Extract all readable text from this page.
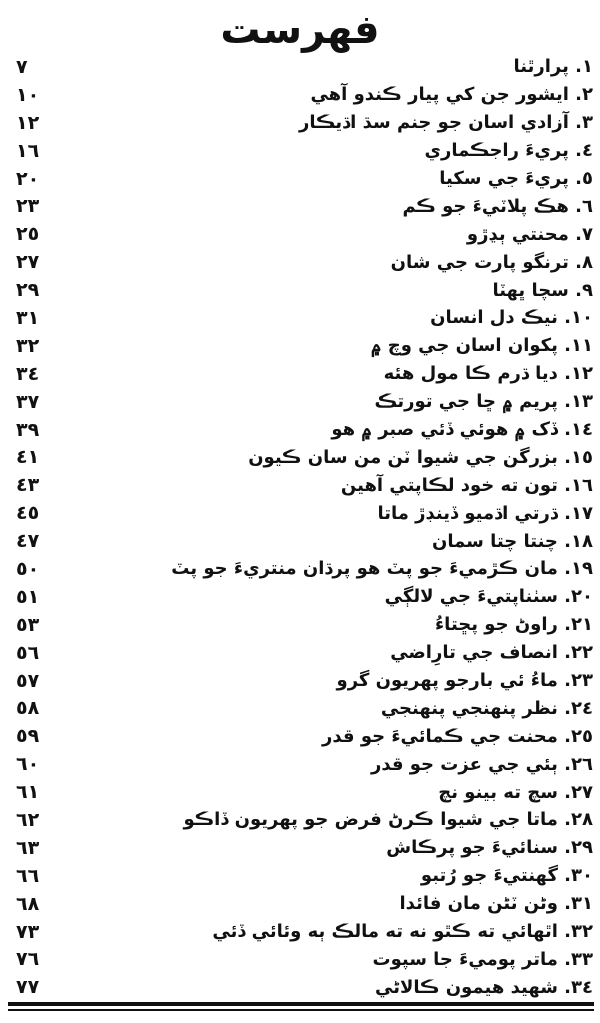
فهرست
٧	١. پرارٿنا
١٠	٢. ايشور جن کي پيار ڪندو آهي
١٢	٣. آزادي اسان جو جنم سڌ اڌيڪار
١٦	٤. پريءَ راجڪماري
٢٠	٥. پريءَ جي سکيا
٢٣	٦. هڪ پلاٽيءَ جو ڪم
٢٥	٧. محنتي ٻڍڙو
٢٧	٨. ترنگو پارت جي شان
٢٩	٩. سچا ڀهٽا
٣١	١٠. نيڪ دل انسان
٣٢	١١. پکوان اسان جي وچ ۾
٣٤	١٢. ديا ڌرم ڪا مول هئه
٣٧	١٣. پريم ۾ ڇا جي تورتڪ
٣٩	١٤. ڏک ۾ هوئي ڏئي صبر ۾ هو
٤١	١٥. بزرگن جي شيوا ٽن من سان ڪيون
٤٣	١٦. تون ته خود لڪاپتي آهين
٤٥	١٧. ڌرتي اڌميو ڏينڊڙ ماتا
٤٧	١٨. چنتا چتا سمان
٥٠	١٩. مان ڪڙميءَ جو پٽ هو پرڌان منتريءَ جو پٽ
٥١	٢٠. سٺناپتيءَ جي لالڳي
٥٣	٢١. راوڻ جو پڇتاءُ
٥٦	٢٢. انصاف جي تارِاضي
٥٧	٢٣. ماءُ ئي بارجو پهريون گرو
٥٨	٢٤. نظر پنهنجي پنهنجي
٥٩	٢٥. محنت جي ڪمائيءَ جو قدر
٦٠	٢٦. ٻئي جي عزت جو قدر
٦١	٢٧. سچ ته بينو نچ
٦٢	٢٨. ماتا جي شيوا ڪرڻ فرض جو پهريون ڏاڪو
٦٣	٢٩. سنائيءَ جو پرڪاش
٦٦	٣٠. گهنتيءَ جو رُتبو
٦٨	٣١. وڻن ٽڻن مان فائدا
٧٣	٣٢. اٿهائي ته ڪٿو نه ته مالڪ ٻه وئائي ڏئي
٧٦	٣٣. ماتر پوميءَ جا سپوت
٧٧	٣٤. شهيد هيمون ڪالاڻي
